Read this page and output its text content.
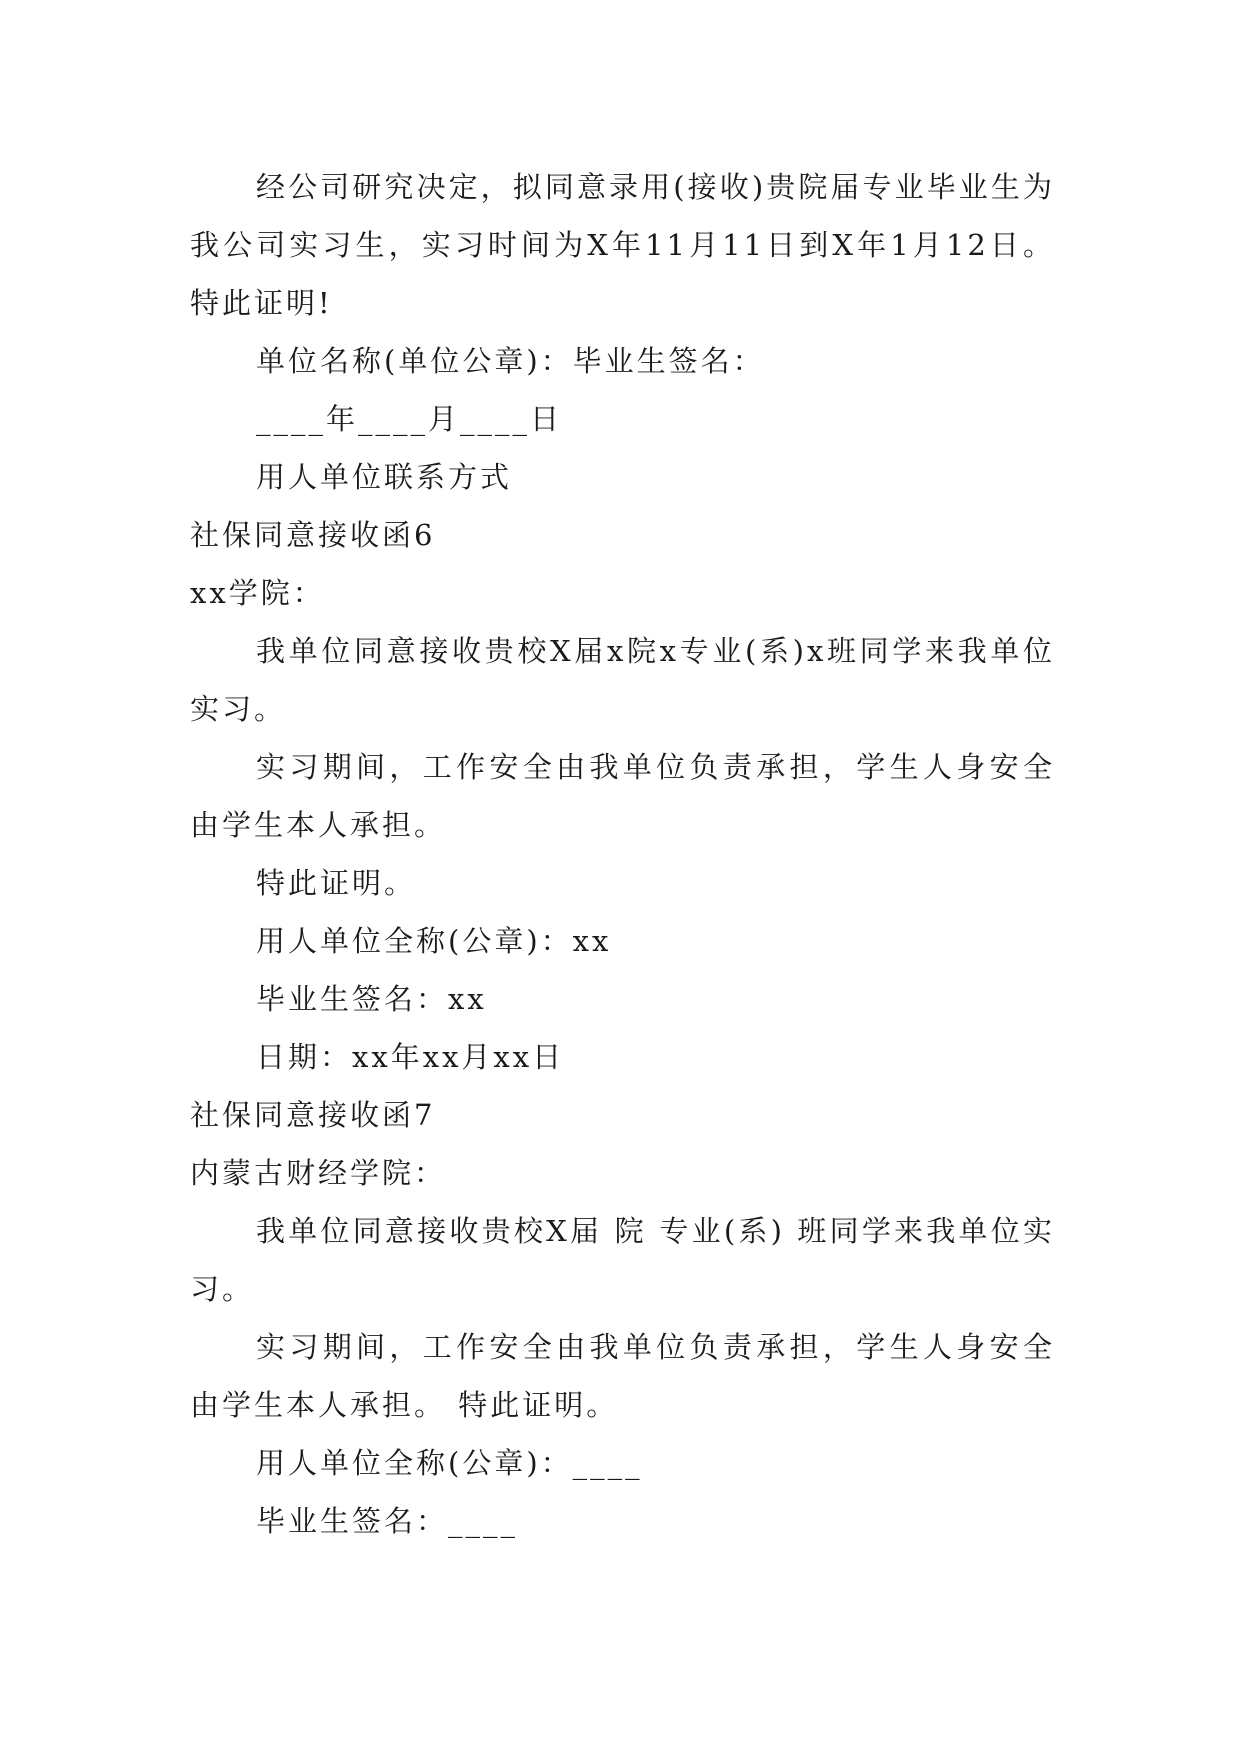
经公司研究决定，拟同意录用(接收)贵院届专业毕业生为我公司实习生，实习时间为X年11月11日到X年1月12日。特此证明!

单位名称(单位公章)：毕业生签名：

____年____月____日

用人单位联系方式

社保同意接收函6

xx学院：

我单位同意接收贵校X届x院x专业(系)x班同学来我单位实习。

实习期间，工作安全由我单位负责承担，学生人身安全由学生本人承担。

特此证明。

用人单位全称(公章)：xx

毕业生签名：xx

日期：xx年xx月xx日

社保同意接收函7

内蒙古财经学院：

我单位同意接收贵校X届 院 专业(系) 班同学来我单位实习。

实习期间，工作安全由我单位负责承担，学生人身安全由学生本人承担。 特此证明。

用人单位全称(公章)：____

毕业生签名：____
